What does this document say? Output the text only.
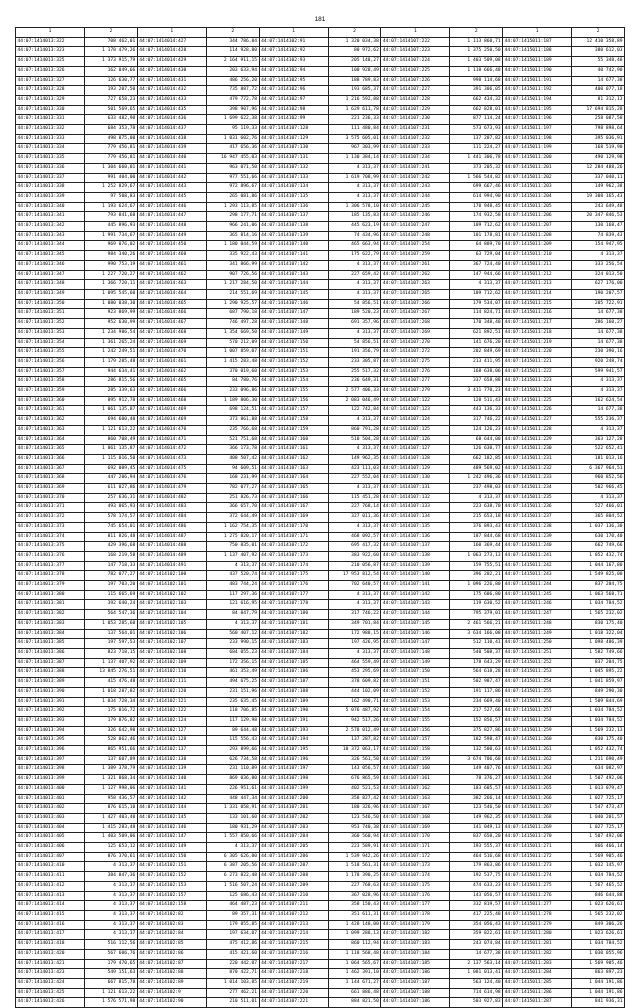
181
1	2	1	2	1	2	1	2	1	2
44:07:1414013:322	708 462,01	44:07:1414014:427	344 786,84	44:07:1414102:91	1 320 034,38	44:07:1414107:222	1 113 860,71	44:07:1415011:187	12 410 358,89
44:07:1414013:323	1 178 479,26	44:07:1414014:428	114 928,80	44:07:1414102:92	80 972,62	44:07:1414107:223	1 375 250,50	44:07:1415011:188	380 612,03
44:07:1414013:325	1 373 915,79	44:07:1414014:429	2 164 911,15	44:07:1414102:93	205 148,27	44:07:1414107:224	1 403 509,08	44:07:1415011:189	55 348,48
44:07:1414013:326	162 049,66	44:07:1414014:430	203 633,94	44:07:1414102:94	100 928,49	44:07:1414107:225	1 118 666,48	44:07:1415011:190	40 742,90
44:07:1414013:327	126 630,77	44:07:1414014:431	486 256,20	44:07:1414102:95	188 789,83	44:07:1414107:226	998 114,68	44:07:1415011:191	14 677,38
44:07:1414013:328	193 207,50	44:07:1414014:432	735 887,72	44:07:1414102:96	193 685,37	44:07:1414107:227	391 306,05	44:07:1415011:192	400 077,18
44:07:1414013:329	727 658,23	44:07:1414014:433	479 772,78	44:07:1414102:97	1 216 592,88	44:07:1414107:228	662 434,32	44:07:1415011:194	81 312,13
44:07:1414013:330	501 569,65	44:07:1414014:435	398 907,96	44:07:1414102:98	1 629 611,78	44:07:1414107:229	662 828,01	44:07:1415011:195	17 694 815,28
44:07:1414013:331	633 482,90	44:07:1414014:436	1 699 622,38	44:07:1414102:99	221 236,33	44:07:1414107:230	877 114,24	44:07:1415011:196	258 087,58
44:07:1414013:332	684 353,78	44:07:1414014:437	95 119,33	44:07:1414107:128	111 480,84	44:07:1414107:231	573 673,93	44:07:1415011:197	798 898,64
44:07:1414013:333	498 875,00	44:07:1414014:438	1 031 602,76	44:07:1414107:129	3 575 605,01	44:07:1414107:232	137 287,82	44:07:1415011:198	395 036,91
44:07:1414013:334	779 456,81	44:07:1414014:439	417 656,36	44:07:1414107:130	967 303,99	44:07:1414107:233	111 224,27	44:07:1415011:199	168 519,90
44:07:1414013:335	779 456,81	44:07:1414014:440	16 947 455,03	44:07:1414107:131	1 130 384,14	44:07:1414107:234	1 441 306,78	44:07:1415011:200	490 129,98
44:07:1414013:336	1 304 660,01	44:07:1414014:441	963 071,50	44:07:1414107:132	4 313,37	44:07:1414107:241	373 205,32	44:07:1415011:201	12 284 488,26
44:07:1414013:337	991 404,00	44:07:1414014:442	977 551,66	44:07:1414107:133	1 619 708,99	44:07:1414107:242	1 566 544,82	44:07:1415011:202	337 040,11
44:07:1414013:338	1 252 829,67	44:07:1414014:443	972 896,67	44:07:1414107:134	4 313,37	44:07:1414107:243	699 667,46	44:07:1415011:203	149 962,38
44:07:1414013:339	97 508,83	44:07:1414014:445	265 081,86	44:07:1414107:135	4 313,37	44:07:1414107:244	614 994,90	44:07:1415011:204	19 308 165,43
44:07:1414013:340	1 193 624,67	44:07:1414014:446	1 293 113,85	44:07:1414107:136	1 306 578,10	44:07:1414107:245	170 948,45	44:07:1415011:205	243 649,48
44:07:1414013:341	793 841,68	44:07:1414014:447	298 177,71	44:07:1414107:137	185 135,83	44:07:1414107:246	174 932,58	44:07:1415011:206	20 347 846,53
44:07:1414013:342	445 896,93	44:07:1414014:448	966 241,06	44:07:1414107:138	445 623,19	44:07:1414107:247	109 712,62	44:07:1415011:207	130 168,47
44:07:1414013:343	1 991 734,67	44:07:1414014:449	365 814,16	44:07:1414107:139	74 434,96	44:07:1414107:248	101 178,81	44:07:1415011:208	74 839,43
44:07:1414013:344	969 076,02	44:07:1414014:450	1 180 044,59	44:07:1414107:140	465 663,94	44:07:1414107:254	64 889,70	44:07:1415011:209	154 947,95
44:07:1414013:345	984 340,26	44:07:1414014:460	335 922,43	44:07:1414107:141	175 622,79	44:07:1414107:259	63 729,04	44:07:1415011:210	4 313,37
44:07:1414013:346	990 753,19	44:07:1414014:461	341 866,99	44:07:1414107:142	4 313,37	44:07:1414107:261	367 724,40	44:07:1415011:211	333 256,54
44:07:1414013:347	1 227 720,27	44:07:1414014:462	907 726,56	44:07:1414107:143	227 659,42	44:07:1414107:262	147 944,66	44:07:1415011:212	324 013,50
44:07:1414013:348	1 366 720,11	44:07:1414014:463	1 217 284,50	44:07:1414107:144	4 313,37	44:07:1414107:263	4 313,37	44:07:1415011:213	627 176,00
44:07:1414013:349	1 095 545,60	44:07:1414014:464	214 551,69	44:07:1414107:145	4 313,37	44:07:1414107:265	109 712,62	44:07:1415011:214	190 207,57
44:07:1414013:350	1 080 038,30	44:07:1414014:465	1 290 925,57	44:07:1414107:146	54 856,51	44:07:1414107:266	179 534,07	44:07:1415011:215	205 722,91
44:07:1414013:351	923 869,99	44:07:1414014:466	687 790,18	44:07:1414107:147	189 520,23	44:07:1414107:267	114 824,71	44:07:1415011:216	14 677,38
44:07:1414013:352	952 630,99	44:07:1414014:467	746 497,28	44:07:1414107:148	691 357,96	44:07:1414107:268	170 348,40	44:07:1415011:217	286 160,27
44:07:1414013:353	1 234 986,54	44:07:1414014:468	1 354 669,50	44:07:1414107:149	4 313,37	44:07:1414107:269	621 892,51	44:07:1415011:218	14 677,38
44:07:1414013:354	1 361 265,24	44:07:1414014:469	570 212,09	44:07:1414107:150	54 856,51	44:07:1414107:270	141 676,20	44:07:1415011:219	14 677,38
44:07:1414013:355	1 242 249,51	44:07:1414014:470	1 007 859,07	44:07:1414107:151	191 356,79	44:07:1414107:272	202 849,69	44:07:1415011:220	230 390,16
44:07:1414013:356	1 179 285,48	44:07:1414014:461	1 415 283,48	44:07:1414107:152	233 305,87	44:07:1414107:275	213 411,95	44:07:1415011:221	920 248,74
44:07:1414013:357	944 634,41	44:07:1414014:462	370 019,60	44:07:1414107:153	255 517,32	44:07:1414107:276	168 638,06	44:07:1415011:222	599 941,57
44:07:1414013:358	286 815,56	44:07:1414014:465	84 780,76	44:07:1414107:154	236 649,31	44:07:1414107:277	337 658,88	44:07:1415011:223	4 313,37
44:07:1414013:359	285 339,63	44:07:1414014:466	233 096,86	44:07:1414107:155	2 577 406,33	44:07:1414107:279	3 411 770,23	44:07:1415011:224	4 313,37
44:07:1414013:360	895 912,78	44:07:1414014:468	1 189 806,30	44:07:1414107:156	2 083 046,49	44:07:1414107:122	128 511,43	44:07:1415011:225	162 624,54
44:07:1414013:361	1 061 135,87	44:07:1414014:469	698 124,51	44:07:1414107:157	122 742,84	44:07:1414107:123	443 136,33	44:07:1415011:226	14 677,38
44:07:1414013:362	694 600,40	44:07:1414014:469	373 861,88	44:07:1414107:158	4 313,37	44:07:1414107:124	317 746,22	44:07:1415011:227	555 236,37
44:07:1414013:363	1 121 613,22	44:07:1414014:470	235 766,68	44:07:1414107:159	860 791,28	44:07:1414107:125	124 126,23	44:07:1415011:228	4 313,37
44:07:1414013:364	860 708,49	44:07:1414014:471	521 751,68	44:07:1414107:160	510 504,28	44:07:1414107:126	68 644,00	44:07:1415011:229	363 127,28
44:07:1414013:365	1 061 135,87	44:07:1414014:472	366 173,78	44:07:1414107:161	4 313,37	44:07:1414107:127	126 630,77	44:07:1415011:230	522 652,41
44:07:1414013:366	1 115 016,50	44:07:1414014:473	408 507,42	44:07:1414107:162	149 962,35	44:07:1414107:128	662 182,85	44:07:1415011:231	181 013,16
44:07:1414013:367	692 009,45	44:07:1414014:475	94 609,51	44:07:1414107:163	423 111,03	44:07:1414107:129	489 569,02	44:07:1415011:232	6 367 964,51
44:07:1414013:368	447 206,94	44:07:1414014:476	168 231,99	44:07:1414107:164	227 552,04	44:07:1414107:130	1 242 496,36	44:07:1415011:233	960 852,56
44:07:1414013:369	611 027,86	44:07:1414014:479	782 077,27	44:07:1414107:165	4 313,37	44:07:1414107:131	237 498,03	44:07:1415011:234	502 966,45
44:07:1414013:370	257 636,31	44:07:1414014:482	251 826,73	44:07:1414107:166	115 451,28	44:07:1414107:132	4 313,37	44:07:1415011:235	4 313,37
44:07:1414013:371	493 065,93	44:07:1414014:483	366 657,70	44:07:1414107:167	227 768,14	44:07:1414107:133	223 638,70	44:07:1415011:236	527 466,01
44:07:1414013:372	578 174,57	44:07:1414014:484	372 644,49	44:07:1414107:169	327 011,36	44:07:1414107:134	215 653,18	44:07:1415011:237	365 804,52
44:07:1414013:373	745 654,01	44:07:1414014:486	1 162 754,35	44:07:1414107:170	4 313,37	44:07:1414107:135	376 893,43	44:07:1415011:238	1 037 136,30
44:07:1414013:374	811 826,48	44:07:1414014:487	1 275 820,17	44:07:1414107:171	468 092,57	44:07:1414107:136	187 844,68	44:07:1415011:239	630 170,40
44:07:1414013:375	429 396,68	44:07:1414014:488	750 835,01	44:07:1414107:172	695 417,32	44:07:1414107:137	160 369,44	44:07:1415011:240	662 749,66
44:07:1414013:376	168 219,58	44:07:1414014:489	1 137 407,92	44:07:1414107:173	383 922,60	44:07:1414107:138	1 063 273,13	44:07:1415011:241	1 052 432,74
44:07:1414013:377	147 718,33	44:07:1414014:491	4 313,37	44:07:1414107:174	210 056,87	44:07:1414107:139	159 755,51	44:07:1415011:242	1 044 167,80
44:07:1414013:378	782 077,27	44:07:1414102:100	437 520,74	44:07:1414107:175	17 953 812,54	44:07:1414107:140	396 202,21	44:07:1415011:243	1 549 825,00
44:07:1414013:379	197 703,20	44:07:1414102:101	483 744,24	44:07:1414107:176	702 640,57	44:07:1414107:141	1 096 226,80	44:07:1415011:244	837 204,75
44:07:1414013:380	115 665,69	44:07:1414102:102	117 297,36	44:07:1414107:177	4 313,37	44:07:1414107:142	175 606,80	44:07:1415011:245	1 063 568,71
44:07:1414013:381	392 640,24	44:07:1414102:103	121 616,95	44:07:1414107:178	4 313,37	44:07:1414107:143	119 630,52	44:07:1415011:246	1 034 784,52
44:07:1414013:382	564 547,36	44:07:1414102:104	84 847,79	44:07:1414107:180	317 746,22	44:07:1414107:144	795 379,01	44:07:1415011:247	1 565 232,02
44:07:1414013:383	1 053 285,60	44:07:1414102:105	4 313,37	44:07:1414107:181	349 701,84	44:07:1414107:145	2 461 566,21	44:07:1415011:248	830 175,40
44:07:1414013:384	137 564,01	44:07:1414102:106	560 407,12	44:07:1414107:182	172 988,15	44:07:1414107:146	3 634 166,08	44:07:1415011:249	1 018 322,04
44:07:1414013:385	197 597,53	44:07:1414102:107	233 990,15	44:07:1414107:183	197 426,95	44:07:1414107:147	512 110,41	44:07:1415011:250	1 098 486,39
44:07:1414013:386	823 718,15	44:07:1414102:108	684 055,23	44:07:1414107:184	4 313,37	44:07:1414107:148	540 508,37	44:07:1415011:251	1 582 749,66
44:07:1414013:387	1 137 407,92	44:07:1414102:109	172 356,15	44:07:1414107:185	464 559,49	44:07:1414107:149	178 643,29	44:07:1415011:252	837 204,75
44:07:1414013:388	13 845 276,51	44:07:1414102:110	461 353,49	44:07:1414107:186	453 295,69	44:07:1414107:150	564 618,28	44:07:1415011:253	1 045 895,22
44:07:1414013:389	415 476,48	44:07:1414102:111	494 675,25	44:07:1414107:187	378 609,82	44:07:1414107:151	502 987,47	44:07:1415011:254	1 041 859,97
44:07:1414013:390	1 018 287,82	44:07:1414102:120	231 151,96	44:07:1414107:188	444 102,09	44:07:1414107:152	191 117,86	44:07:1415011:255	849 290,30
44:07:1414013:391	1 034 728,34	44:07:1414102:121	235 635,45	44:07:1414107:189	162 490,71	44:07:1414107:153	234 669,40	44:07:1415011:256	1 509 844,69
44:07:1414013:392	175 016,72	44:07:1414102:122	118 706,85	44:07:1414107:190	5 076 487,92	44:07:1414107:154	217 527,66	44:07:1415011:257	1 034 784,52
44:07:1414013:393	179 876,82	44:07:1414102:124	117 129,98	44:07:1414107:191	942 517,26	44:07:1414107:155	152 856,57	44:07:1415011:258	1 034 784,52
44:07:1414013:394	326 642,98	44:07:1414102:127	89 644,48	44:07:1414107:193	2 578 012,49	44:07:1414107:156	375 827,86	44:07:1415011:259	1 569 232,13
44:07:1414013:395	528 062,46	44:07:1414102:128	115 556,43	44:07:1414107:194	137 287,82	44:07:1414107:157	182 598,47	44:07:1415011:260	830 175,40
44:07:1414013:396	865 951,66	44:07:1414102:137	293 899,66	44:07:1414107:195	10 372 063,17	44:07:1414107:158	132 500,63	44:07:1415011:261	1 052 432,74
44:07:1414013:397	137 607,89	44:07:1414102:138	626 734,58	44:07:1414107:196	326 561,50	44:07:1414107:159	3 674 706,68	44:07:1415011:262	1 211 690,49
44:07:1414013:398	1 389 378,79	44:07:1414102:139	231 110,89	44:07:1414107:197	143 056,57	44:07:1414107:160	149 407,76	44:07:1415011:263	634 082,97
44:07:1414013:399	1 321 868,34	44:07:1414102:140	869 036,80	44:07:1414107:198	676 865,59	44:07:1414107:161	78 376,27	44:07:1415011:264	1 507 492,06
44:07:1414013:400	1 127 998,06	44:07:1414102:141	226 951,61	44:07:1414107:199	402 521,53	44:07:1414107:162	183 605,57	44:07:1415011:265	1 013 079,47
44:07:1414013:401	958 436,57	44:07:1414102:142	448 447,34	44:07:1414107:200	358 827,42	44:07:1414107:163	382 266,14	44:07:1415011:266	1 027 725,17
44:07:1414013:402	876 615,10	44:07:1414102:144	1 331 058,91	44:07:1414107:201	180 326,96	44:07:1414107:167	123 546,50	44:07:1415011:267	1 547 473,47
44:07:1414013:403	1 427 403,40	44:07:1414102:145	133 101,60	44:07:1414107:202	123 546,50	44:07:1414107:168	149 962,35	44:07:1415011:268	1 040 201,57
44:07:1414013:404	1 415 283,48	44:07:1414102:146	180 931,29	44:07:1414107:203	953 740,38	44:07:1414107:169	141 049,13	44:07:1415011:269	1 027 725,17
44:07:1414013:405	1 403 509,06	44:07:1414102:147	1 557 850,66	44:07:1414107:204	360 560,94	44:07:1414107:170	837 650,20	44:07:1415011:270	1 507 492,06
44:07:1414013:406	125 653,12	44:07:1414102:149	4 313,37	44:07:1414107:205	223 589,91	44:07:1414107:171	193 555,37	44:07:1415011:271	866 466,14
44:07:1414013:407	876 370,61	44:07:1414102:150	6 305 626,00	44:07:1414107:206	1 539 942,26	44:07:1414107:172	464 516,68	44:07:1415011:272	1 569 905,46
44:07:1414013:410	4 313,37	44:07:1414102:151	6 387 205,56	44:07:1414107:207	1 518 561,31	44:07:1414107:173	179 863,86	44:07:1415011:273	1 032 145,97
44:07:1414013:411	384 847,36	44:07:1414102:152	6 273 822,48	44:07:1414107:208	1 178 390,25	44:07:1414107:174	192 537,75	44:07:1415011:274	1 034 784,52
44:07:1414013:412	4 313,37	44:07:1414102:153	1 516 507,24	44:07:1414107:209	227 768,63	44:07:1414107:175	474 633,23	44:07:1415011:275	1 567 465,52
44:07:1414013:413	4 313,37	44:07:1414102:157	125 686,43	44:07:1414107:210	367 028,96	44:07:1414107:176	143 056,57	44:07:1415011:276	846 644,88
44:07:1414013:414	4 313,37	44:07:1414102:158	464 487,23	44:07:1414107:211	358 150,43	44:07:1414107:177	332 819,57	44:07:1415011:277	1 023 626,61
44:07:1414013:415	4 313,37	44:07:1414102:82	89 357,31	44:07:1414107:212	351 611,31	44:07:1414107:178	417 225,48	44:07:1415011:278	1 565 232,02
44:07:1414013:416	4 313,37	44:07:1414102:83	179 855,85	44:07:1414107:213	1 428 148,00	44:07:1414107:179	354 056,43	44:07:1415011:279	849 306,26
44:07:1414013:417	4 313,37	44:07:1414102:84	197 634,07	44:07:1414107:214	1 099 288,13	44:07:1414107:182	359 822,61	44:07:1415011:280	1 023 626,61
44:07:1414013:418	516 112,56	44:07:1414102:85	475 412,86	44:07:1414107:215	860 112,94	44:07:1414107:183	243 074,84	44:07:1415011:281	1 034 784,52
44:07:1414013:420	567 606,76	44:07:1414102:86	415 421,60	44:07:1414107:216	1 118 568,48	44:07:1414107:184	14 677,38	44:07:1415011:282	1 030 055,96
44:07:1414013:421	179 470,65	44:07:1414102:87	220 442,07	44:07:1414107:217	1 064 565,67	44:07:1414107:185	2 137 563,14	44:07:1415011:283	1 569 905,46
44:07:1414013:423	549 151,63	44:07:1414102:88	870 422,71	44:07:1414107:218	1 462 391,10	44:07:1414107:186	1 081 013,41	44:07:1415011:284	863 897,23
44:07:1414013:424	667 815,78	44:07:1414102:89	1 014 103,85	44:07:1414107:219	1 144 671,27	44:07:1414107:187	563 124,40	44:07:1415011:285	1 044 191,86
44:07:1414013:425	1 121 613,22	44:07:1414102:9	277 462,21	44:07:1414107:220	661 886,48	44:07:1414107:188	714 614,98	44:07:1415011:286	1 044 191,86
44:07:1414013:426	1 576 571,98	44:07:1414102:90	210 511,01	44:07:1414107:221	884 821,50	44:07:1414107:186	503 927,83	44:07:1415011:287	841 936,31
